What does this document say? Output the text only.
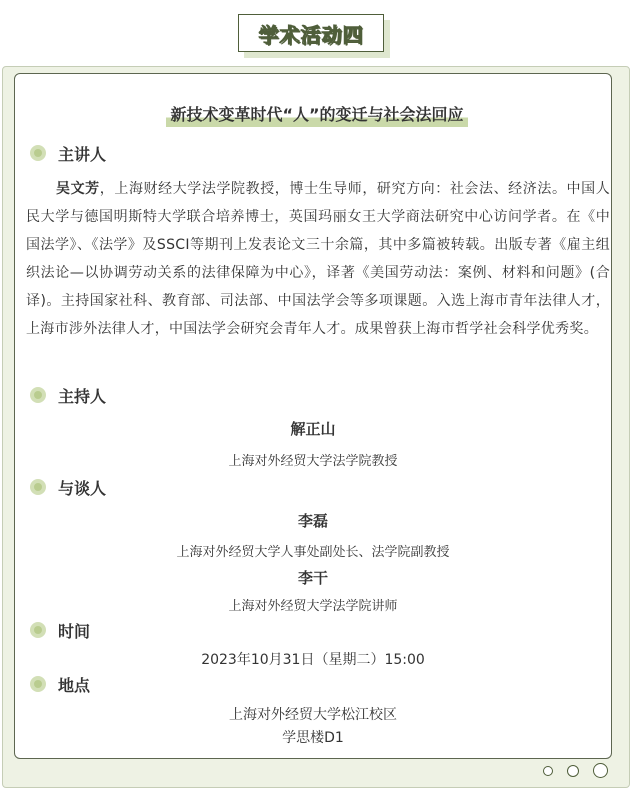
学术活动四
新技术变革时代“人”的变迁与社会法回应
主讲人

吴文芳，上海财经大学法学院教授，博士生导师，研究方向：社会法、经济法。中国人民大学与德国明斯特大学联合培养博士，英国玛丽女王大学商法研究中心访问学者。在《中国法学》、《法学》及SSCI等期刊上发表论文三十余篇，其中多篇被转载。出版专著《雇主组织法论—以协调劳动关系的法律保障为中心》，译著《美国劳动法：案例、材料和问题》(合译)。主持国家社科、教育部、司法部、中国法学会等多项课题。入选上海市青年法律人才，上海市涉外法律人才，中国法学会研究会青年人才。成果曾获上海市哲学社会科学优秀奖。

主持人
解正山
上海对外经贸大学法学院教授
与谈人
李磊
上海对外经贸大学人事处副处长、法学院副教授
李干
上海对外经贸大学法学院讲师
时间
2023年10月31日（星期二）15:00
地点
上海对外经贸大学松江校区
学思楼D1
